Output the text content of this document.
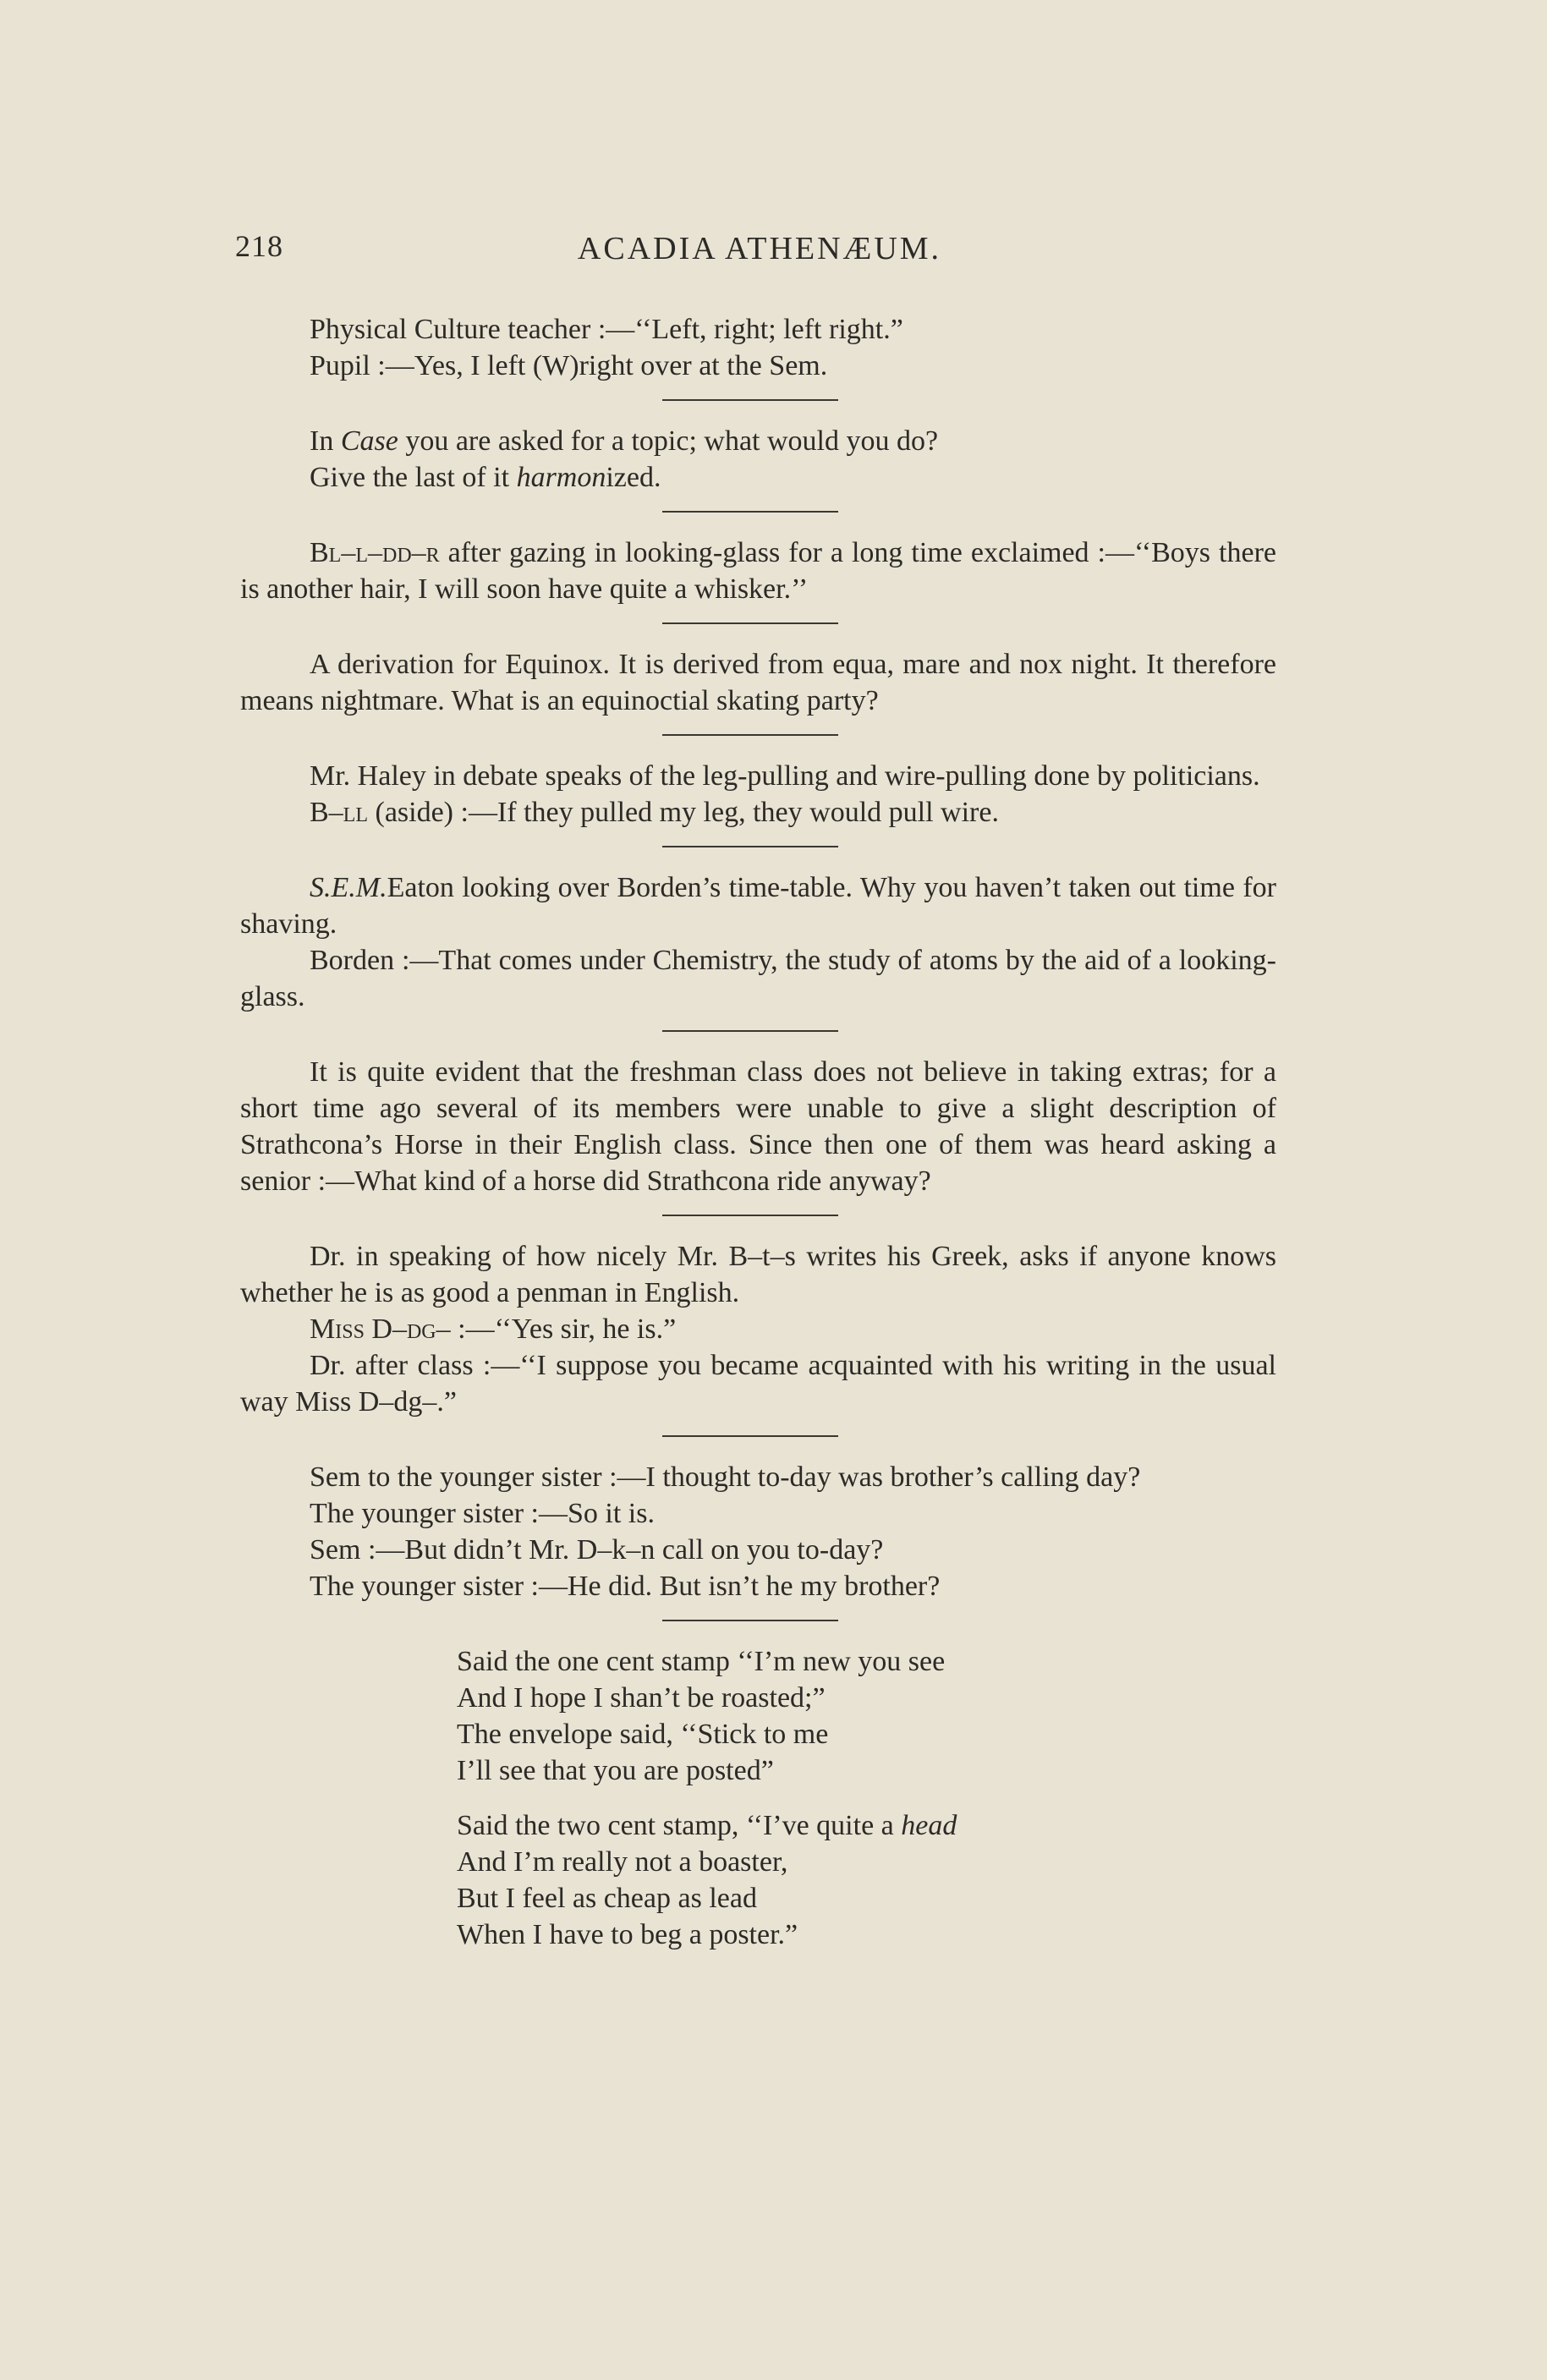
218	ACADIA ATHENÆUM.

Physical Culture teacher :—‘‘Left, right; left right.”

Pupil :—Yes, I left (W)right over at the Sem.

In Case you are asked for a topic; what would you do?

Give the last of it harmonized.

Bl–l–dd–r after gazing in looking-glass for a long time exclaimed :—‘‘Boys there is another hair, I will soon have quite a whisker.’’

A derivation for Equinox. It is derived from equa, mare and nox night. It therefore means nightmare. What is an equinoctial skating party?

Mr. Haley in debate speaks of the leg-pulling and wire-pulling done by politicians.

B–ll (aside) :—If they pulled my leg, they would pull wire.

S.E.M.Eaton looking over Borden’s time-table. Why you haven’t taken out time for shaving.

Borden :—That comes under Chemistry, the study of atoms by the aid of a looking-glass.

It is quite evident that the freshman class does not believe in taking extras; for a short time ago several of its members were unable to give a slight description of Strathcona’s Horse in their English class. Since then one of them was heard asking a senior :—What kind of a horse did Strathcona ride anyway?

Dr. in speaking of how nicely Mr. B–t–s writes his Greek, asks if anyone knows whether he is as good a penman in English.

Miss D–dg– :—‘‘Yes sir, he is.”

Dr. after class :—‘‘I suppose you became acquainted with his writing in the usual way Miss D–dg–.”

Sem to the younger sister :—I thought to-day was brother’s calling day?

The younger sister :—So it is.

Sem :—But didn’t Mr. D–k–n call on you to-day?

The younger sister :—He did. But isn’t he my brother?

Said the one cent stamp ‘‘I’m new you see

And I hope I shan’t be roasted;”

The envelope said, ‘‘Stick to me

I’ll see that you are posted”

Said the two cent stamp, ‘‘I’ve quite a head

And I’m really not a boaster,

But I feel as cheap as lead

When I have to beg a poster.”
